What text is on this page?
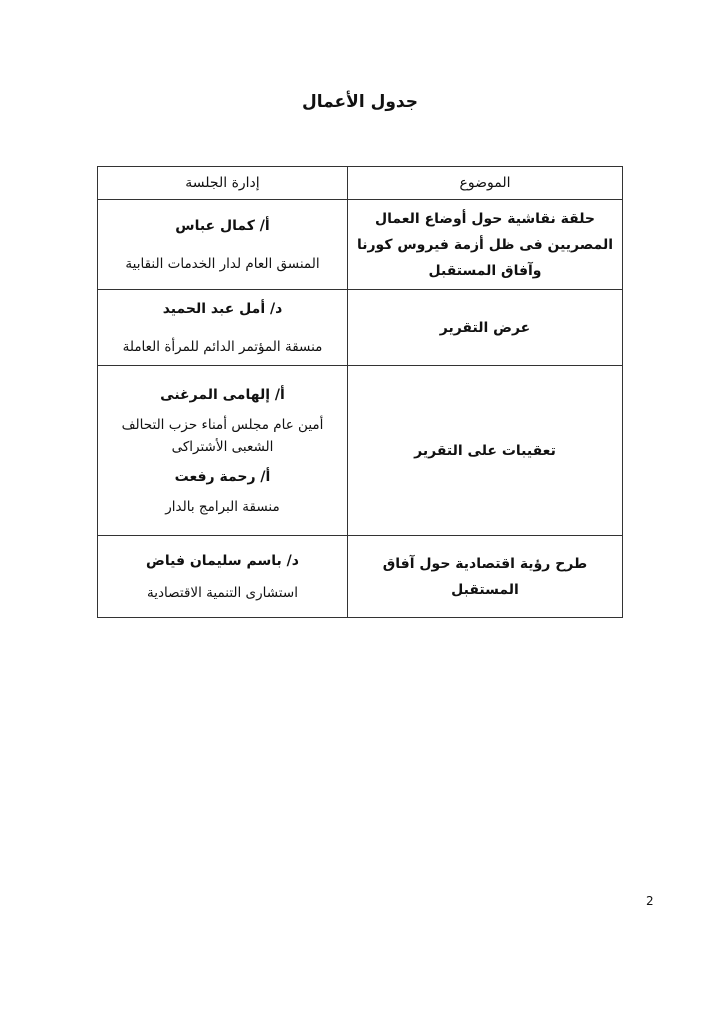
جدول الأعمال
الموضوع	إدارة الجلسة
حلقة نقاشية حول أوضاع العمال المصريين فى ظل أزمة فيروس كورنا وآفاق المستقبل	أ/ كمال عباس
المنسق العام لدار الخدمات النقابية

عرض التقرير	د/ أمل عبد الحميد
منسقة المؤتمر الدائم للمرأة العاملة

تعقيبات على التقرير	أ/ إلهامى المرغنى
أمين عام مجلس أمناء حزب التحالف الشعبى الأشتراكى
أ/ رحمة رفعت
منسقة البرامج بالدار

طرح رؤية اقتصادية حول آفاق المستقبل	د/ باسم سليمان فياض
استشارى التنمية الاقتصادية
2
